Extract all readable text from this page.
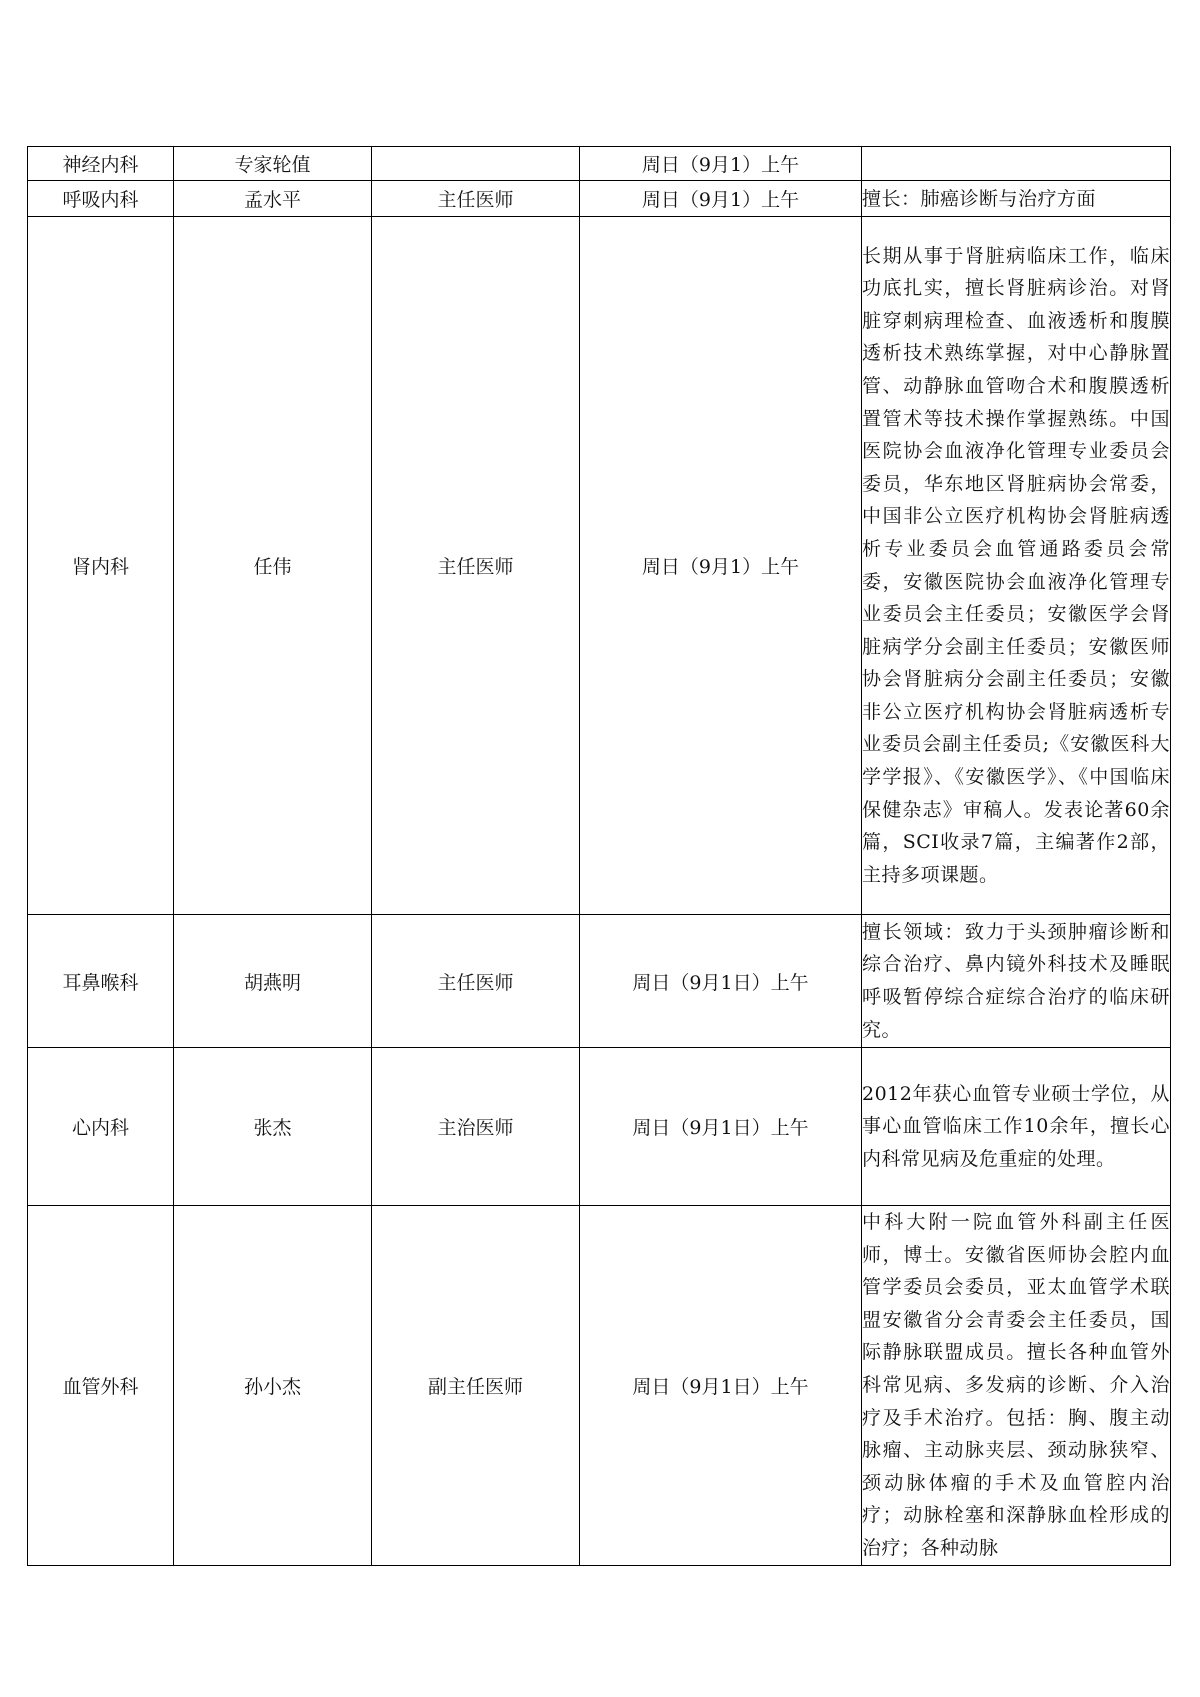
神经内科	专家轮值		周日（9月1）上午	
呼吸内科	孟水平	主任医师	周日（9月1）上午	擅长：肺癌诊断与治疗方面
肾内科	任伟	主任医师	周日（9月1）上午	长期从事于肾脏病临床工作，临床功底扎实，擅长肾脏病诊治。对肾脏穿刺病理检查、血液透析和腹膜透析技术熟练掌握，对中心静脉置管、动静脉血管吻合术和腹膜透析置管术等技术操作掌握熟练。中国医院协会血液净化管理专业委员会委员，华东地区肾脏病协会常委，中国非公立医疗机构协会肾脏病透析专业委员会血管通路委员会常委，安徽医院协会血液净化管理专业委员会主任委员；安徽医学会肾脏病学分会副主任委员；安徽医师协会肾脏病分会副主任委员；安徽非公立医疗机构协会肾脏病透析专业委员会副主任委员;《安徽医科大学学报》、《安徽医学》、《中国临床保健杂志》审稿人。发表论著60余篇，SCI收录7篇，主编著作2部，主持多项课题。
耳鼻喉科	胡燕明	主任医师	周日（9月1日）上午	擅长领域：致力于头颈肿瘤诊断和综合治疗、鼻内镜外科技术及睡眠呼吸暂停综合症综合治疗的临床研究。
心内科	张杰	主治医师	周日（9月1日）上午	2012年获心血管专业硕士学位，从事心血管临床工作10余年，擅长心内科常见病及危重症的处理。
血管外科	孙小杰	副主任医师	周日（9月1日）上午	中科大附一院血管外科副主任医师，博士。安徽省医师协会腔内血管学委员会委员，亚太血管学术联盟安徽省分会青委会主任委员，国际静脉联盟成员。擅长各种血管外科常见病、多发病的诊断、介入治疗及手术治疗。包括：胸、腹主动脉瘤、主动脉夹层、颈动脉狭窄、颈动脉体瘤的手术及血管腔内治疗；动脉栓塞和深静脉血栓形成的治疗；各种动脉
